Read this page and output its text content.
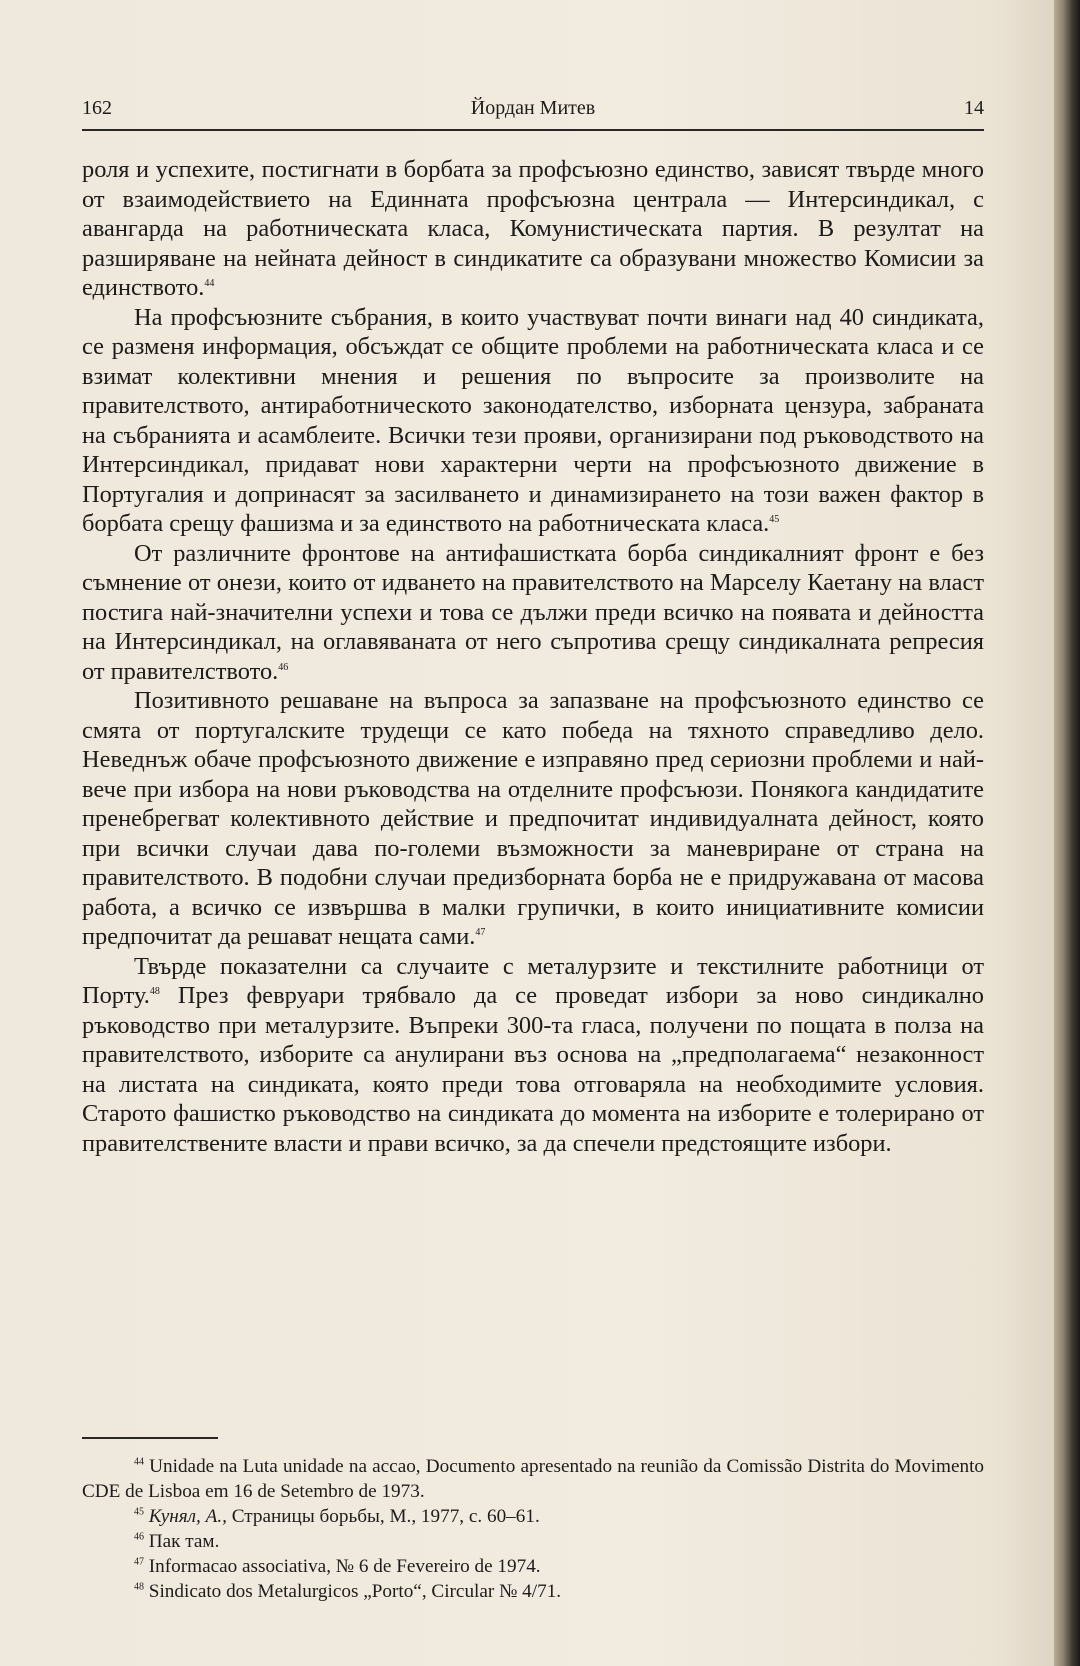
162	Йордан Митев	14

роля и успехите, постигнати в борбата за профсъюзно единство, зависят твърде много от взаимодействието на Единната профсъюзна централа — Интерсиндикал, с авангарда на работническата класа, Комунистическата партия. В резултат на разширяване на нейната дейност в синдикатите са образувани множество Комисии за единството.$^{44}$

На профсъюзните събрания, в които участвуват почти винаги над 40 синдиката, се разменя информация, обсъждат се общите проблеми на работническата класа и се взимат колективни мнения и решения по въпросите за произволите на правителството, антиработническото законодателство, изборната цензура, забраната на събранията и асамблеите. Всички тези прояви, организирани под ръководството на Интерсиндикал, придават нови характерни черти на профсъюзното движение в Португалия и допринасят за засилването и динамизирането на този важен фактор в борбата срещу фашизма и за единството на работническата класа.$^{45}$

От различните фронтове на антифашистката борба синдикалният фронт е без съмнение от онези, които от идването на правителството на Марселу Каетану на власт постига най-значителни успехи и това се дължи преди всичко на появата и дейността на Интерсиндикал, на оглавяваната от него съпротива срещу синдикалната репресия от правителството.$^{46}$

Позитивното решаване на въпроса за запазване на профсъюзното единство се смята от португалските трудещи се като победа на тяхното справедливо дело. Неведнъж обаче профсъюзното движение е изправяно пред сериозни проблеми и най-вече при избора на нови ръководства на отделните профсъюзи. Понякога кандидатите пренебрегват колективното действие и предпочитат индивидуалната дейност, която при всички случаи дава по-големи възможности за маневриране от страна на правителството. В подобни случаи предизборната борба не е придружавана от масова работа, а всичко се извършва в малки групички, в които инициативните комисии предпочитат да решават нещата сами.$^{47}$

Твърде показателни са случаите с металурзите и текстилните работници от Порту.$^{48}$ През февруари трябвало да се проведат избори за ново синдикално ръководство при металурзите. Въпреки 300-та гласа, получени по пощата в полза на правителството, изборите са анулирани въз основа на „предполагаема“ незаконност на листата на синдиката, която преди това отговаряла на необходимите условия. Старото фашистко ръководство на синдиката до момента на изборите е толерирано от правителствените власти и прави всичко, за да спечели предстоящите избори.

$^{44}$ Unidade na Luta unidade na accao, Documento apresentado na reunião da Comissão Distrita do Movimento CDE de Lisboa em 16 de Setembro de 1973.

$^{45}$ Кунял, А., Страницы борьбы, М., 1977, с. 60–61.

$^{46}$ Пак там.

$^{47}$ Informacao associativa, № 6 de Fevereiro de 1974.

$^{48}$ Sindicato dos Metalurgicos „Porto“, Circular № 4/71.
